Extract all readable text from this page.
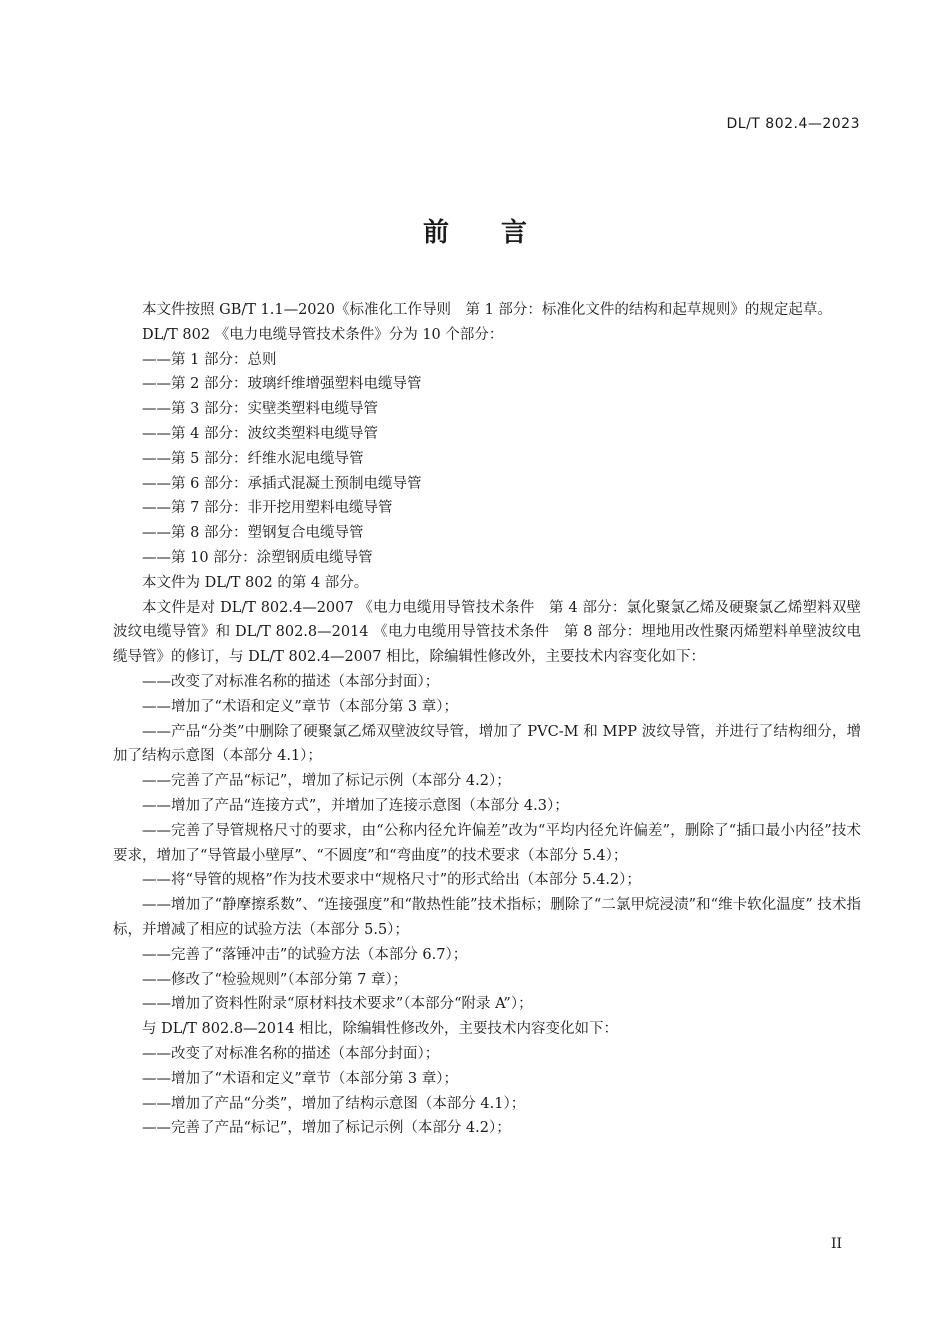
DL/T 802.4—2023
前言

本文件按照 GB/T 1.1—2020《标准化工作导则　第 1 部分：标准化文件的结构和起草规则》的规定起草。

DL/T 802 《电力电缆导管技术条件》分为 10 个部分：

——第 1 部分：总则

——第 2 部分：玻璃纤维增强塑料电缆导管

——第 3 部分：实壁类塑料电缆导管

——第 4 部分：波纹类塑料电缆导管

——第 5 部分：纤维水泥电缆导管

——第 6 部分：承插式混凝土预制电缆导管

——第 7 部分：非开挖用塑料电缆导管

——第 8 部分：塑钢复合电缆导管

——第 10 部分：涂塑钢质电缆导管

本文件为 DL/T 802 的第 4 部分。

本文件是对 DL/T 802.4—2007 《电力电缆用导管技术条件　第 4 部分：氯化聚氯乙烯及硬聚氯乙烯塑料双壁波纹电缆导管》和 DL/T 802.8—2014 《电力电缆用导管技术条件　第 8 部分：埋地用改性聚丙烯塑料单壁波纹电缆导管》的修订，与 DL/T 802.4—2007 相比，除编辑性修改外，主要技术内容变化如下：

——改变了对标准名称的描述（本部分封面）；

——增加了“术语和定义”章节（本部分第 3 章）；

——产品“分类”中删除了硬聚氯乙烯双壁波纹导管，增加了 PVC-M 和 MPP 波纹导管，并进行了结构细分，增加了结构示意图（本部分 4.1）；

——完善了产品“标记”，增加了标记示例（本部分 4.2）；

——增加了产品“连接方式”，并增加了连接示意图（本部分 4.3）；

——完善了导管规格尺寸的要求，由“公称内径允许偏差”改为“平均内径允许偏差”，删除了“插口最小内径”技术要求，增加了“导管最小壁厚”、“不圆度”和“弯曲度”的技术要求（本部分 5.4）；

——将“导管的规格”作为技术要求中“规格尺寸”的形式给出（本部分 5.4.2）；

——增加了“静摩擦系数”、“连接强度”和“散热性能”技术指标；删除了“二氯甲烷浸渍”和“维卡软化温度” 技术指标，并增减了相应的试验方法（本部分 5.5）；

——完善了“落锤冲击”的试验方法（本部分 6.7）；

——修改了“检验规则”（本部分第 7 章）；

——增加了资料性附录“原材料技术要求”（本部分“附录 A”）；

与 DL/T 802.8—2014 相比，除编辑性修改外，主要技术内容变化如下：

——改变了对标准名称的描述（本部分封面）；

——增加了“术语和定义”章节（本部分第 3 章）；

——增加了产品“分类”，增加了结构示意图（本部分 4.1）；

——完善了产品“标记”，增加了标记示例（本部分 4.2）；

II
